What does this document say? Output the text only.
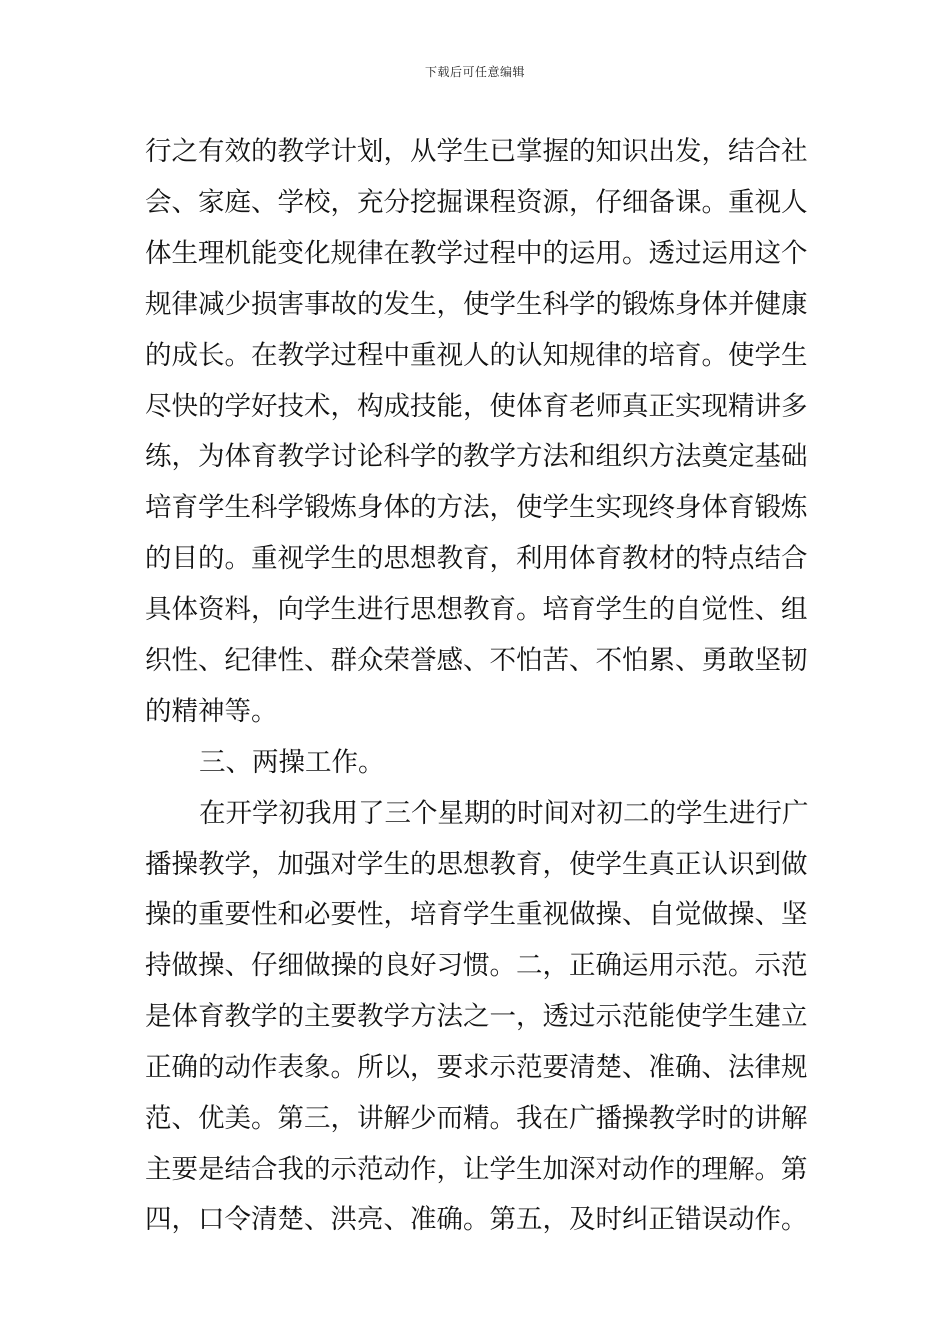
下载后可任意编辑
行之有效的教学计划，从学生已掌握的知识出发，结合社
会、家庭、学校，充分挖掘课程资源，仔细备课。重视人
体生理机能变化规律在教学过程中的运用。透过运用这个
规律减少损害事故的发生，使学生科学的锻炼身体并健康
的成长。在教学过程中重视人的认知规律的培育。使学生
尽快的学好技术，构成技能，使体育老师真正实现精讲多
练，为体育教学讨论科学的教学方法和组织方法奠定基础
培育学生科学锻炼身体的方法，使学生实现终身体育锻炼
的目的。重视学生的思想教育，利用体育教材的特点结合
具体资料，向学生进行思想教育。培育学生的自觉性、组
织性、纪律性、群众荣誉感、不怕苦、不怕累、勇敢坚韧
的精神等。
三、两操工作。
在开学初我用了三个星期的时间对初二的学生进行广
播操教学，加强对学生的思想教育，使学生真正认识到做
操的重要性和必要性，培育学生重视做操、自觉做操、坚
持做操、仔细做操的良好习惯。二，正确运用示范。示范
是体育教学的主要教学方法之一，透过示范能使学生建立
正确的动作表象。所以，要求示范要清楚、准确、法律规
范、优美。第三，讲解少而精。我在广播操教学时的讲解
主要是结合我的示范动作，让学生加深对动作的理解。第
四，口令清楚、洪亮、准确。第五，及时纠正错误动作。
